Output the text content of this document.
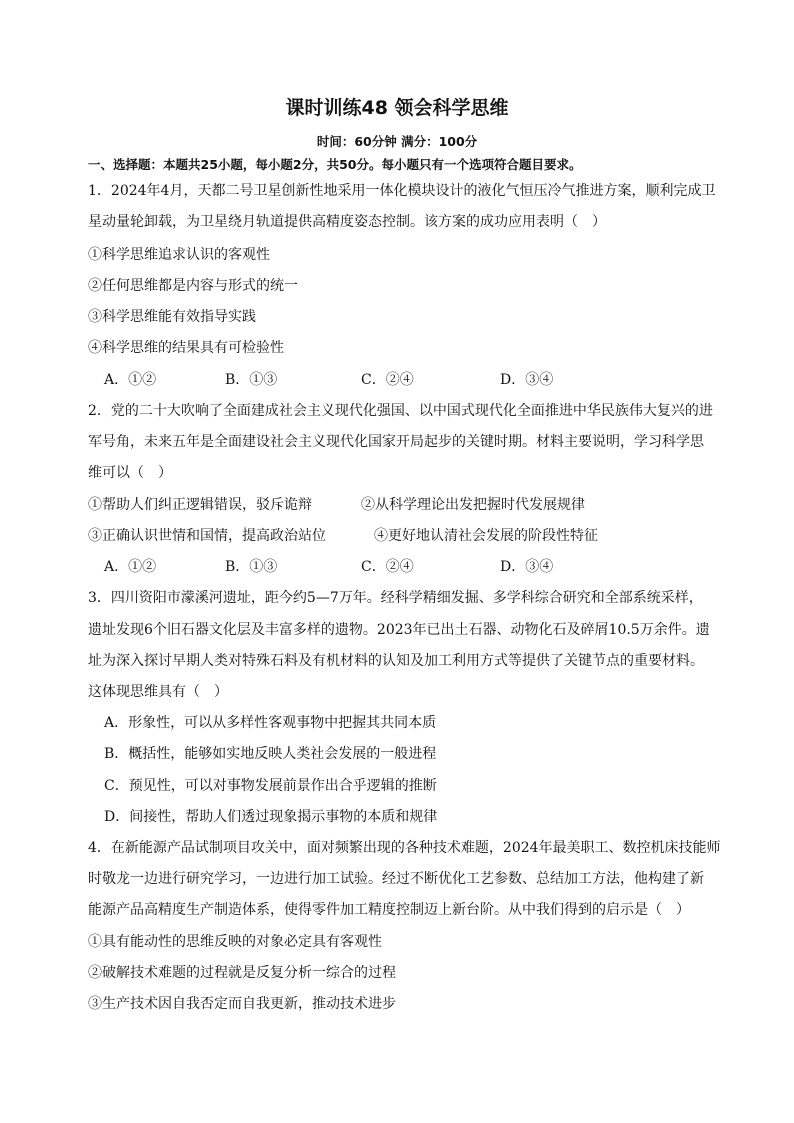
课时训练48 领会科学思维
时间：60分钟 满分：100分
一、选择题：本题共25小题，每小题2分，共50分。每小题只有一个选项符合题目要求。
1．2024年4月，天都二号卫星创新性地采用一体化模块设计的液化气恒压冷气推进方案，顺利完成卫
星动量轮卸载，为卫星绕月轨道提供高精度姿态控制。该方案的成功应用表明（　）
①科学思维追求认识的客观性
②任何思维都是内容与形式的统一
③科学思维能有效指导实践
④科学思维的结果具有可检验性
A．①②	B．①③	C．②④	D．③④
2．党的二十大吹响了全面建成社会主义现代化强国、以中国式现代化全面推进中华民族伟大复兴的进
军号角，未来五年是全面建设社会主义现代化国家开局起步的关键时期。材料主要说明，学习科学思
维可以（　）
①帮助人们纠正逻辑错误，驳斥诡辩	②从科学理论出发把握时代发展规律
③正确认识世情和国情，提高政治站位	④更好地认清社会发展的阶段性特征
A．①②	B．①③	C．②④	D．③④
3．四川资阳市濛溪河遗址，距今约5—7万年。经科学精细发掘、多学科综合研究和全部系统采样，
遗址发现6个旧石器文化层及丰富多样的遗物。2023年已出土石器、动物化石及碎屑10.5万余件。遗
址为深入探讨早期人类对特殊石料及有机材料的认知及加工利用方式等提供了关键节点的重要材料。
这体现思维具有（　）
A．形象性，可以从多样性客观事物中把握其共同本质
B．概括性，能够如实地反映人类社会发展的一般进程
C．预见性，可以对事物发展前景作出合乎逻辑的推断
D．间接性，帮助人们透过现象揭示事物的本质和规律
4．在新能源产品试制项目攻关中，面对频繁出现的各种技术难题，2024年最美职工、数控机床技能师
时敬龙一边进行研究学习，一边进行加工试验。经过不断优化工艺参数、总结加工方法，他构建了新
能源产品高精度生产制造体系，使得零件加工精度控制迈上新台阶。从中我们得到的启示是（　）
①具有能动性的思维反映的对象必定具有客观性
②破解技术难题的过程就是反复分析一综合的过程
③生产技术因自我否定而自我更新，推动技术进步
